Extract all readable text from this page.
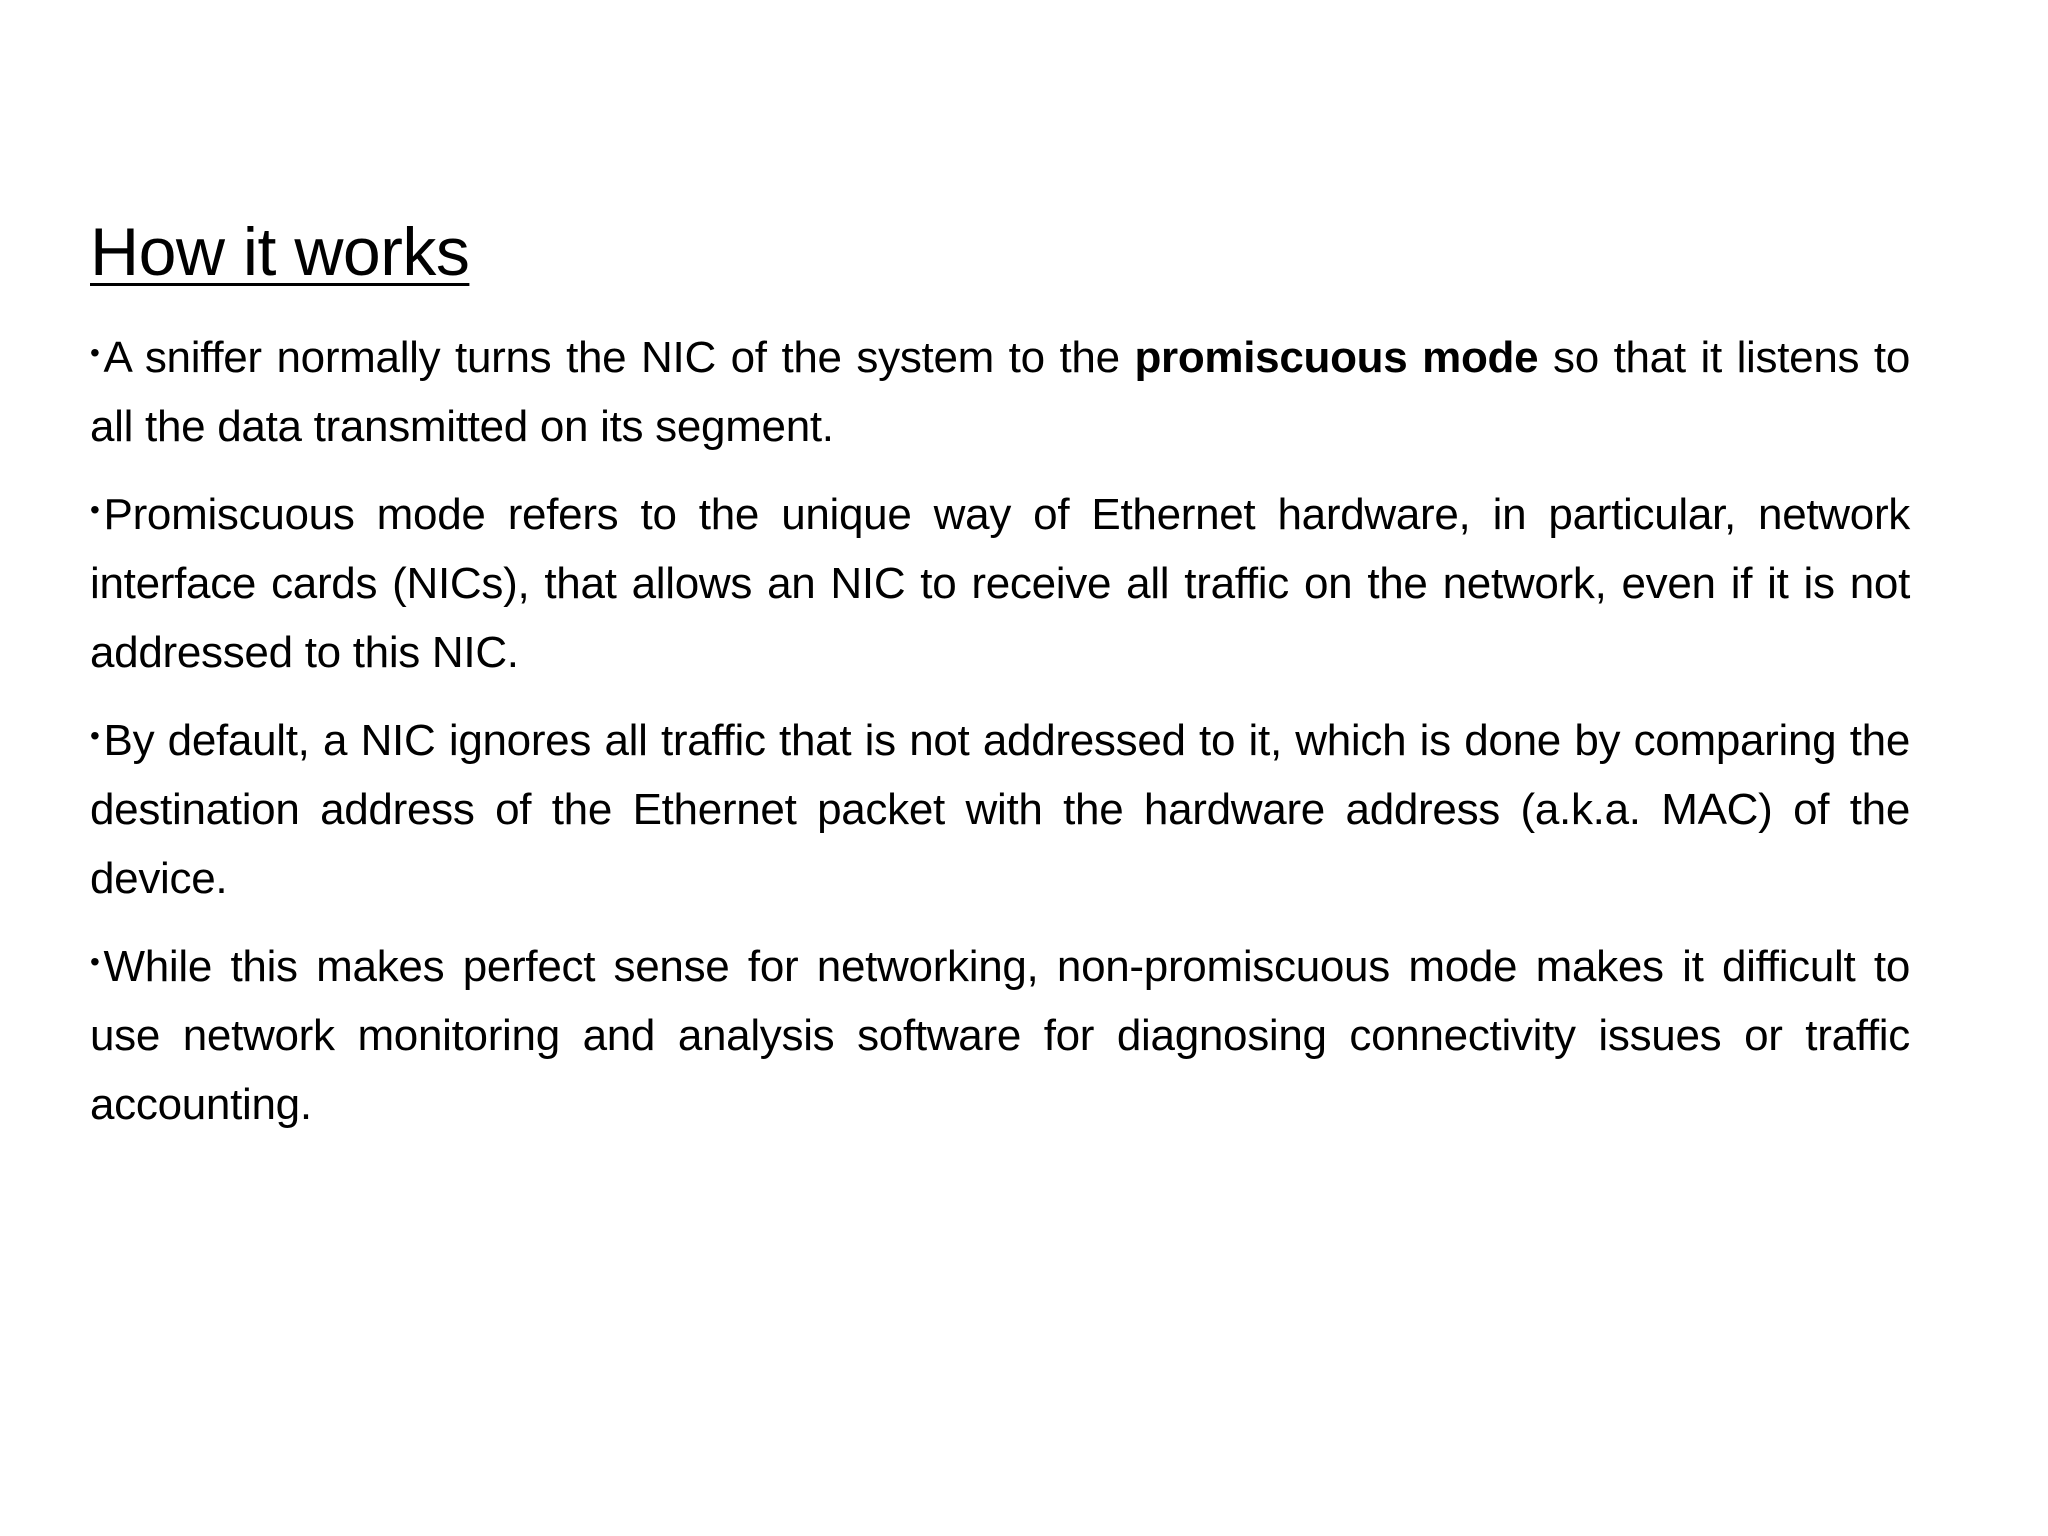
How it works

•A sniffer normally turns the NIC of the system to the promiscuous mode so that it listens to all the data transmitted on its segment.

•Promiscuous mode refers to the unique way of Ethernet hardware, in particular, network interface cards (NICs), that allows an NIC to receive all traffic on the network, even if it is not addressed to this NIC.

•By default, a NIC ignores all traffic that is not addressed to it, which is done by comparing the destination address of the Ethernet packet with the hardware address (a.k.a. MAC) of the device.

•While this makes perfect sense for networking, non-promiscuous mode makes it difficult to use network monitoring and analysis software for diagnosing connectivity issues or traffic accounting.
